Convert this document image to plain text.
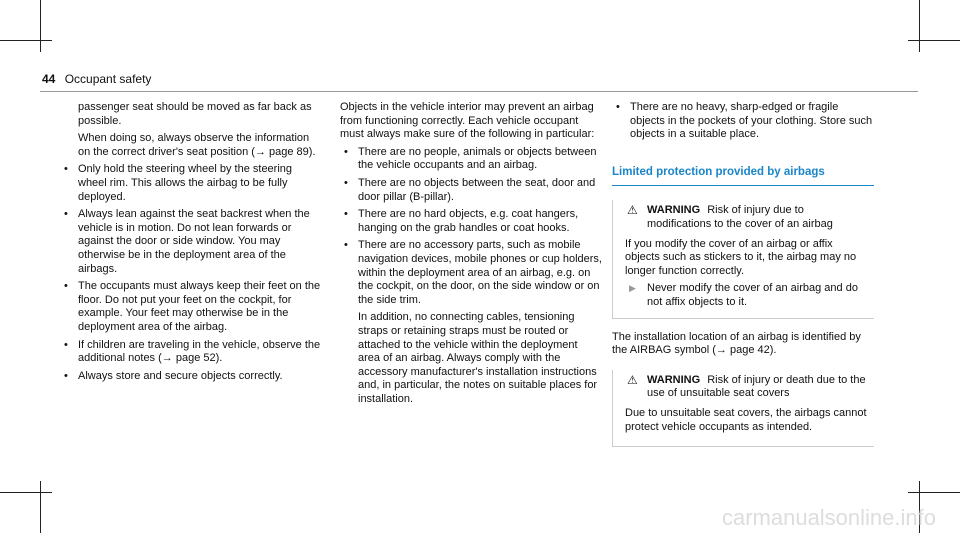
44 Occupant safety

passenger seat should be moved as far back as possible.

When doing so, always observe the information on the correct driver's seat position (→ page 89).

• Only hold the steering wheel by the steering wheel rim. This allows the airbag to be fully deployed.
• Always lean against the seat backrest when the vehicle is in motion. Do not lean forwards or against the door or side window. You may otherwise be in the deployment area of the airbags.
• The occupants must always keep their feet on the floor. Do not put your feet on the cockpit, for example. Your feet may otherwise be in the deployment area of the airbag.
• If children are traveling in the vehicle, observe the additional notes (→ page 52).
• Always store and secure objects correctly.

Objects in the vehicle interior may prevent an airbag from functioning correctly. Each vehicle occupant must always make sure of the following in particular:

• There are no people, animals or objects between the vehicle occupants and an airbag.
• There are no objects between the seat, door and door pillar (B-pillar).
• There are no hard objects, e.g. coat hangers, hanging on the grab handles or coat hooks.
• There are no accessory parts, such as mobile navigation devices, mobile phones or cup holders, within the deployment area of an airbag, e.g. on the cockpit, on the door, on the side window or on the side trim.

In addition, no connecting cables, tensioning straps or retaining straps must be routed or attached to the vehicle within the deployment area of an airbag. Always comply with the accessory manufacturer's installation instructions and, in particular, the notes on suitable places for installation.

• There are no heavy, sharp-edged or fragile objects in the pockets of your clothing. Store such objects in a suitable place.
Limited protection provided by airbags
⚠ WARNING Risk of injury due to modifications to the cover of an airbag

If you modify the cover of an airbag or affix objects such as stickers to it, the airbag may no longer function correctly.

▶ Never modify the cover of an airbag and do not affix objects to it.

The installation location of an airbag is identified by the AIRBAG symbol (→ page 42).

⚠ WARNING Risk of injury or death due to the use of unsuitable seat covers

Due to unsuitable seat covers, the airbags cannot protect vehicle occupants as intended.

carmanualsonline.info
